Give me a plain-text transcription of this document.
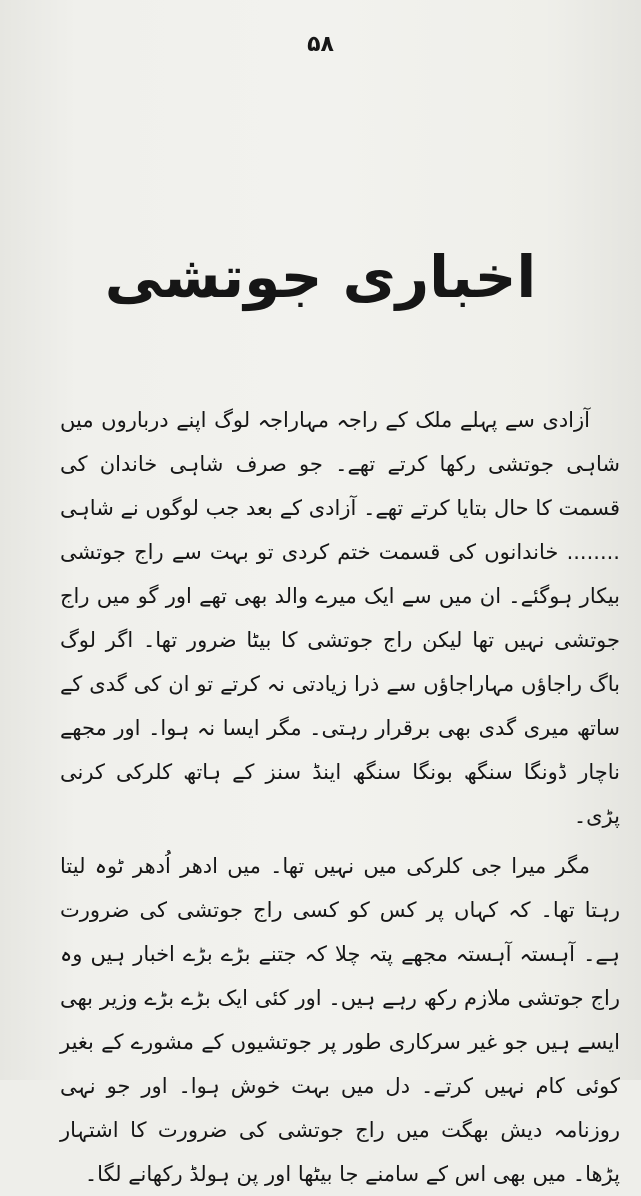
۵۸
اخباری جوتشی

آزادی سے پہلے ملک کے راجہ مہاراجہ لوگ اپنے درباروں میں شاہی جوتشی رکھا کرتے تھے۔ جو صرف شاہی خاندان کی قسمت کا حال بتایا کرتے تھے۔ آزادی کے بعد جب لوگوں نے شاہی ........ خاندانوں کی قسمت ختم کردی تو بہت سے راج جوتشی بیکار ہوگئے۔ ان میں سے ایک میرے والد بھی تھے اور گو میں راج جوتشی نہیں تھا لیکن راج جوتشی کا بیٹا ضرور تھا۔ اگر لوگ باگ راجاؤں مہاراجاؤں سے ذرا زیادتی نہ کرتے تو ان کی گدی کے ساتھ میری گدی بھی برقرار رہتی۔ مگر ایسا نہ ہوا۔ اور مجھے ناچار ڈونگا سنگھ بونگا سنگھ اینڈ سنز کے ہاتھ کلرکی کرنی پڑی۔

مگر میرا جی کلرکی میں نہیں تھا۔ میں ادھر اُدھر ٹوہ لیتا رہتا تھا۔ کہ کہاں پر کس کو کسی راج جوتشی کی ضرورت ہے۔ آہستہ آہستہ مجھے پتہ چلا کہ جتنے بڑے بڑے اخبار ہیں وہ راج جوتشی ملازم رکھ رہے ہیں۔ اور کئی ایک بڑے بڑے وزیر بھی ایسے ہیں جو غیر سرکاری طور پر جوتشیوں کے مشورے کے بغیر کوئی کام نہیں کرتے۔ دل میں بہت خوش ہوا۔ اور جو نہی روزنامہ دیش بھگت میں راج جوتشی کی ضرورت کا اشتہار پڑھا۔ میں بھی اس کے سامنے جا بیٹھا اور پن ہولڈ رکھانے لگا۔
